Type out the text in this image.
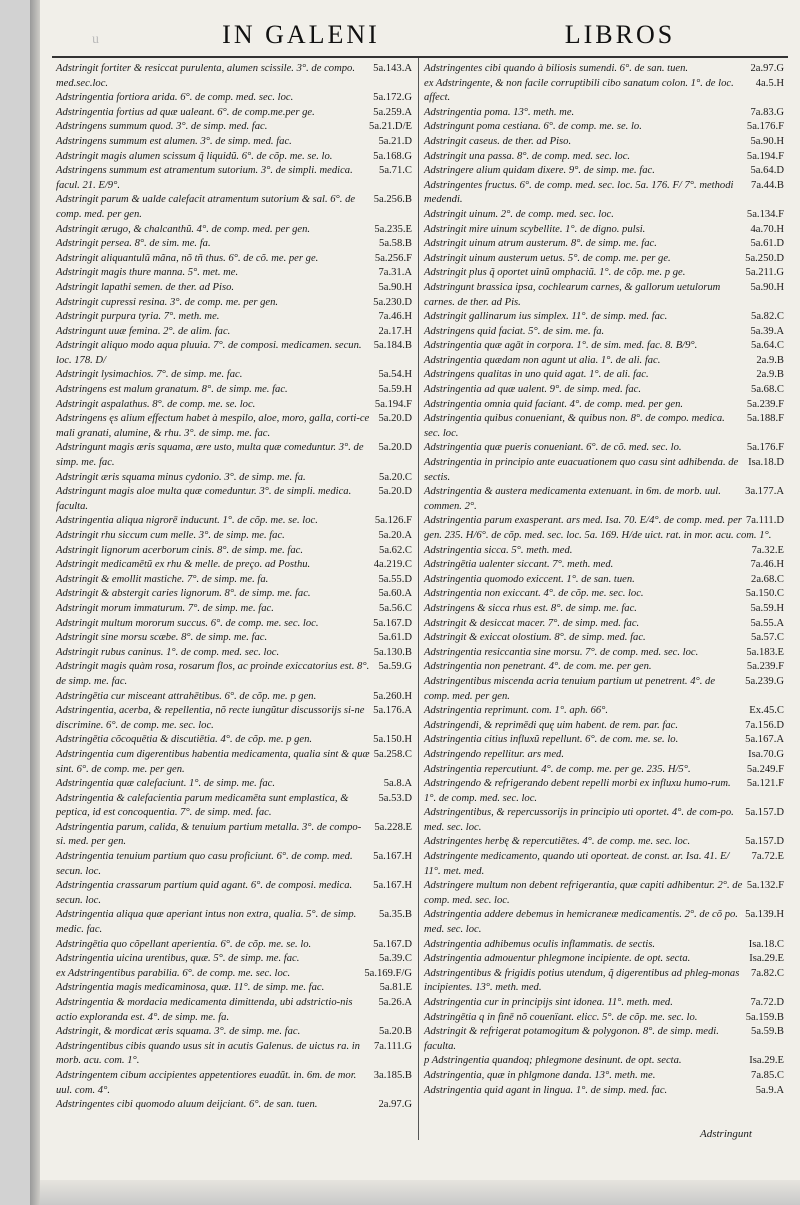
u	IN GALENI	LIBROS

5a.143.A
Adstringit fortiter & resiccat purulenta, alumen scissile. 3°. de compo. med.sec.loc.

5a.172.G
Adstringentia fortiora arida. 6°. de comp. med. sec. loc.

5a.259.A
Adstringentia fortius ad quæ ualeant. 6°. de comp.me.per ge.

5a.21.D/E
Adstringens summum quod. 3°. de simp. med. fac.

5a.21.D
Adstringens summum est alumen. 3°. de simp. med. fac.

5a.168.G
Adstringit magis alumen scissum q̃ liquidũ. 6°. de cõp. me. se. lo.

5a.71.C
Adstringens summum est atramentum sutorium. 3°. de simpli. medica. facul. 21. E/9°.

5a.256.B
Adstringit parum & ualde calefacit atramentum sutorium & sal. 6°. de comp. med. per gen.

5a.235.E
Adstringit ærugo, & chalcanthũ. 4°. de comp. med. per gen.

5a.58.B
Adstringit persea. 8°. de sim. me. fa.

5a.256.F
Adstringit aliquantulũ mãna, nõ tñ thus. 6°. de cõ. me. per ge.

7a.31.A
Adstringit magis thure manna. 5°. met. me.

5a.90.H
Adstringit lapathi semen. de ther. ad Piso.

5a.230.D
Adstringit cupressi resina. 3°. de comp. me. per gen.

7a.46.H
Adstringit purpura tyria. 7°. meth. me.

2a.17.H
Adstringunt uuæ femina. 2°. de alim. fac.

5a.184.B
Adstringit aliquo modo aqua pluuia. 7°. de composi. medicamen. secun. loc. 178. D/

5a.54.H
Adstringit lysimachios. 7°. de simp. me. fac.

5a.59.H
Adstringens est malum granatum. 8°. de simp. me. fac.

5a.194.F
Adstringit aspalathus. 8°. de comp. me. se. loc.

5a.20.D
Adstringens ęs alium effectum habet à mespilo, aloe, moro, galla, corti-ce mali granati, alumine, & rhu. 3°. de simp. me. fac.

5a.20.D
Adstringunt magis æris squama, ære usto, multa quæ comeduntur. 3°. de simp. me. fac.

5a.20.C
Adstringit æris squama minus cydonio. 3°. de simp. me. fa.

5a.20.D
Adstringunt magis aloe multa quæ comeduntur. 3°. de simpli. medica. faculta.

5a.126.F
Adstringentia aliqua nigrorē inducunt. 1°. de cõp. me. se. loc.

5a.20.A
Adstringit rhu siccum cum melle. 3°. de simp. me. fac.

5a.62.C
Adstringit lignorum acerborum cinis. 8°. de simp. me. fac.

4a.219.C
Adstringit medicamētũ ex rhu & melle. de preço. ad Posthu.

5a.55.D
Adstringit & emollit mastiche. 7°. de simp. me. fa.

5a.60.A
Adstringit & abstergit caries lignorum. 8°. de simp. me. fac.

5a.56.C
Adstringit morum immaturum. 7°. de simp. me. fac.

5a.167.D
Adstringit multum mororum succus. 6°. de comp. me. sec. loc.

5a.61.D
Adstringit sine morsu scæbe. 8°. de simp. me. fac.

5a.130.B
Adstringit rubus caninus. 1°. de comp. med. sec. loc.

5a.59.G
Adstringit magis quàm rosa, rosarum flos, ac proinde exiccatorius est. 8°. de simp. me. fac.

5a.260.H
Adstringētia cur misceant attrahētibus. 6°. de cõp. me. p gen.

5a.176.A
Adstringentia, acerba, & repellentia, nõ recte iungũtur discussorijs si-ne discrimine. 6°. de comp. me. sec. loc.

5a.150.H
Adstringētia cõcoquētia & discutiētia. 4°. de cõp. me. p gen.

5a.258.C
Adstringentia cum digerentibus habentia medicamenta, qualia sint & quæ sint. 6°. de comp. me. per gen.

5a.8.A
Adstringentia quæ calefaciunt. 1°. de simp. me. fac.

5a.53.D
Adstringentia & calefacientia parum medicamēta sunt emplastica, & peptica, id est concoquentia. 7°. de simp. med. fac.

5a.228.E
Adstringentia parum, calida, & tenuium partium metalla. 3°. de compo-si. med. per gen.

5a.167.H
Adstringentia tenuium partium quo casu proficiunt. 6°. de comp. med. secun. loc.

5a.167.H
Adstringentia crassarum partium quid agant. 6°. de composi. medica. secun. loc.

5a.35.B
Adstringentia aliqua quæ aperiant intus non extra, qualia. 5°. de simp. medic. fac.

5a.167.D
Adstringētia quo cõpellant aperientia. 6°. de cõp. me. se. lo.

5a.39.C
Adstringentia uicina urentibus, quæ. 5°. de simp. me. fac.

5a.169.F/G
ex Adstringentibus parabilia. 6°. de comp. me. sec. loc.

5a.81.E
Adstringentia magis medicaminosa, quæ. 11°. de simp. me. fac.

5a.26.A
Adstringentia & mordacia medicamenta dimittenda, ubi adstrictio-nis actio exploranda est. 4°. de simp. me. fa.

5a.20.B
Adstringit, & mordicat æris squama. 3°. de simp. me. fac.

7a.111.G
Adstringentibus cibis quando usus sit in acutis Galenus. de uictus ra. in morb. acu. com. 1°.

3a.185.B
Adstringentem cibum accipientes appetentiores euadũt. in. 6m. de mor. uul. com. 4°.

2a.97.G
Adstringentes cibi quomodo aluum deijciant. 6°. de san. tuen.

2a.97.G
Adstringentes cibi quando à biliosis sumendi. 6°. de san. tuen.

4a.5.H
ex Adstringente, & non facile corruptibili cibo sanatum colon. 1°. de loc. affect.

7a.83.G
Adstringentia poma. 13°. meth. me.

5a.176.F
Adstringunt poma cestiana. 6°. de comp. me. se. lo.

5a.90.H
Adstringit caseus. de ther. ad Piso.

5a.194.F
Adstringit una passa. 8°. de comp. med. sec. loc.

5a.64.D
Adstringere alium quidam dixere. 9°. de simp. me. fac.

7a.44.B
Adstringentes fructus. 6°. de comp. med. sec. loc. 5a. 176. F/ 7°. methodi medendi.

5a.134.F
Adstringit uinum. 2°. de comp. med. sec. loc.

4a.70.H
Adstringit mire uinum scybellite. 1°. de digno. pulsi.

5a.61.D
Adstringit uinum atrum austerum. 8°. de simp. me. fac.

5a.250.D
Adstringit uinum austerum uetus. 5°. de comp. me. per ge.

5a.211.G
Adstringit plus q̃ oportet uinũ omphaciũ. 1°. de cõp. me. p ge.

5a.90.H
Adstringunt brassica ipsa, cochlearum carnes, & gallorum uetulorum carnes. de ther. ad Pis.

5a.82.C
Adstringit gallinarum ius simplex. 11°. de simp. med. fac.

5a.39.A
Adstringens quid faciat. 5°. de sim. me. fa.

5a.64.C
Adstringentia quæ agāt in corpora. 1°. de sim. med. fac. 8. B/9°.

2a.9.B
Adstringentia quædam non agunt ut alia. 1°. de ali. fac.

2a.9.B
Adstringens qualitas in uno quid agat. 1°. de ali. fac.

5a.68.C
Adstringentia ad quæ ualent. 9°. de simp. med. fac.

5a.239.F
Adstringentia omnia quid faciant. 4°. de comp. med. per gen.

5a.188.F
Adstringentia quibus conueniant, & quibus non. 8°. de compo. medica. sec. loc.

5a.176.F
Adstringentia quæ pueris conueniant. 6°. de cõ. med. sec. lo.

Isa.18.D
Adstringentia in principio ante euacuationem quo casu sint adhibenda. de sectis.

3a.177.A
Adstringentia & austera medicamenta extenuant. in 6m. de morb. uul. commen. 2°.

7a.111.D
Adstringentia parum exasperant. ars med. Isa. 70. E/4°. de comp. med. per gen. 235. H/6°. de cõp. med. sec. loc. 5a. 169. H/de uict. rat. in mor. acu. com. 1°.

7a.32.E
Adstringentia sicca. 5°. meth. med.

7a.46.H
Adstringētia ualenter siccant. 7°. meth. med.

2a.68.C
Adstringentia quomodo exiccent. 1°. de san. tuen.

5a.150.C
Adstringentia non exiccant. 4°. de cõp. me. sec. loc.

5a.59.H
Adstringens & sicca rhus est. 8°. de simp. me. fac.

5a.55.A
Adstringit & desiccat macer. 7°. de simp. med. fac.

5a.57.C
Adstringit & exiccat olostium. 8°. de simp. med. fac.

5a.183.E
Adstringentia resiccantia sine morsu. 7°. de comp. med. sec. loc.

5a.239.F
Adstringentia non penetrant. 4°. de com. me. per gen.

5a.239.G
Adstringentibus miscenda acria tenuium partium ut penetrent. 4°. de comp. med. per gen.

Ex.45.C
Adstringentia reprimunt. com. 1°. aph. 66°.

7a.156.D
Adstringendi, & reprimēdi quę uim habent. de rem. par. fac.

5a.167.A
Adstringentia citius influxũ repellunt. 6°. de com. me. se. lo.

Isa.70.G
Adstringendo repellitur. ars med.

5a.249.F
Adstringentia repercutiunt. 4°. de comp. me. per ge. 235. H/5°.

5a.121.F
Adstringendo & refrigerando debent repelli morbi ex influxu humo-rum. 1°. de comp. med. sec. loc.

5a.157.D
Adstringentibus, & repercussorijs in principio uti oportet. 4°. de com-po. med. sec. loc.

5a.157.D
Adstringentes herbę & repercutiētes. 4°. de comp. me. sec. loc.

7a.72.E
Adstringente medicamento, quando uti oporteat. de const. ar. Isa. 41. E/ 11°. met. med.

5a.132.F
Adstringere multum non debent refrigerantia, quæ capiti adhibentur. 2°. de comp. med. sec. loc.

5a.139.H
Adstringentia addere debemus in hemicraneæ medicamentis. 2°. de cõ po. med. sec. loc.

Isa.18.C
Adstringentia adhibemus oculis inflammatis. de sectis.

Isa.29.E
Adstringentia admouentur phlegmone incipiente. de opt. secta.

7a.82.C
Adstringentibus & frigidis potius utendum, q̃ digerentibus ad phleg-monas incipientes. 13°. meth. med.

7a.72.D
Adstringentia cur in principijs sint idonea. 11°. meth. med.

5a.159.B
Adstringētia q in finē nõ couenïant. elicc. 5°. de cõp. me. sec. lo.

5a.59.B
Adstringit & refrigerat potamogitum & polygonon. 8°. de simp. medi. faculta.

Isa.29.E
p Adstringentia quandoq; phlegmone desinunt. de opt. secta.

7a.85.C
Adstringentia, quæ in phlgmone danda. 13°. meth. me.

5a.9.A
Adstringentia quid agant in lingua. 1°. de simp. med. fac.

Adstringunt
